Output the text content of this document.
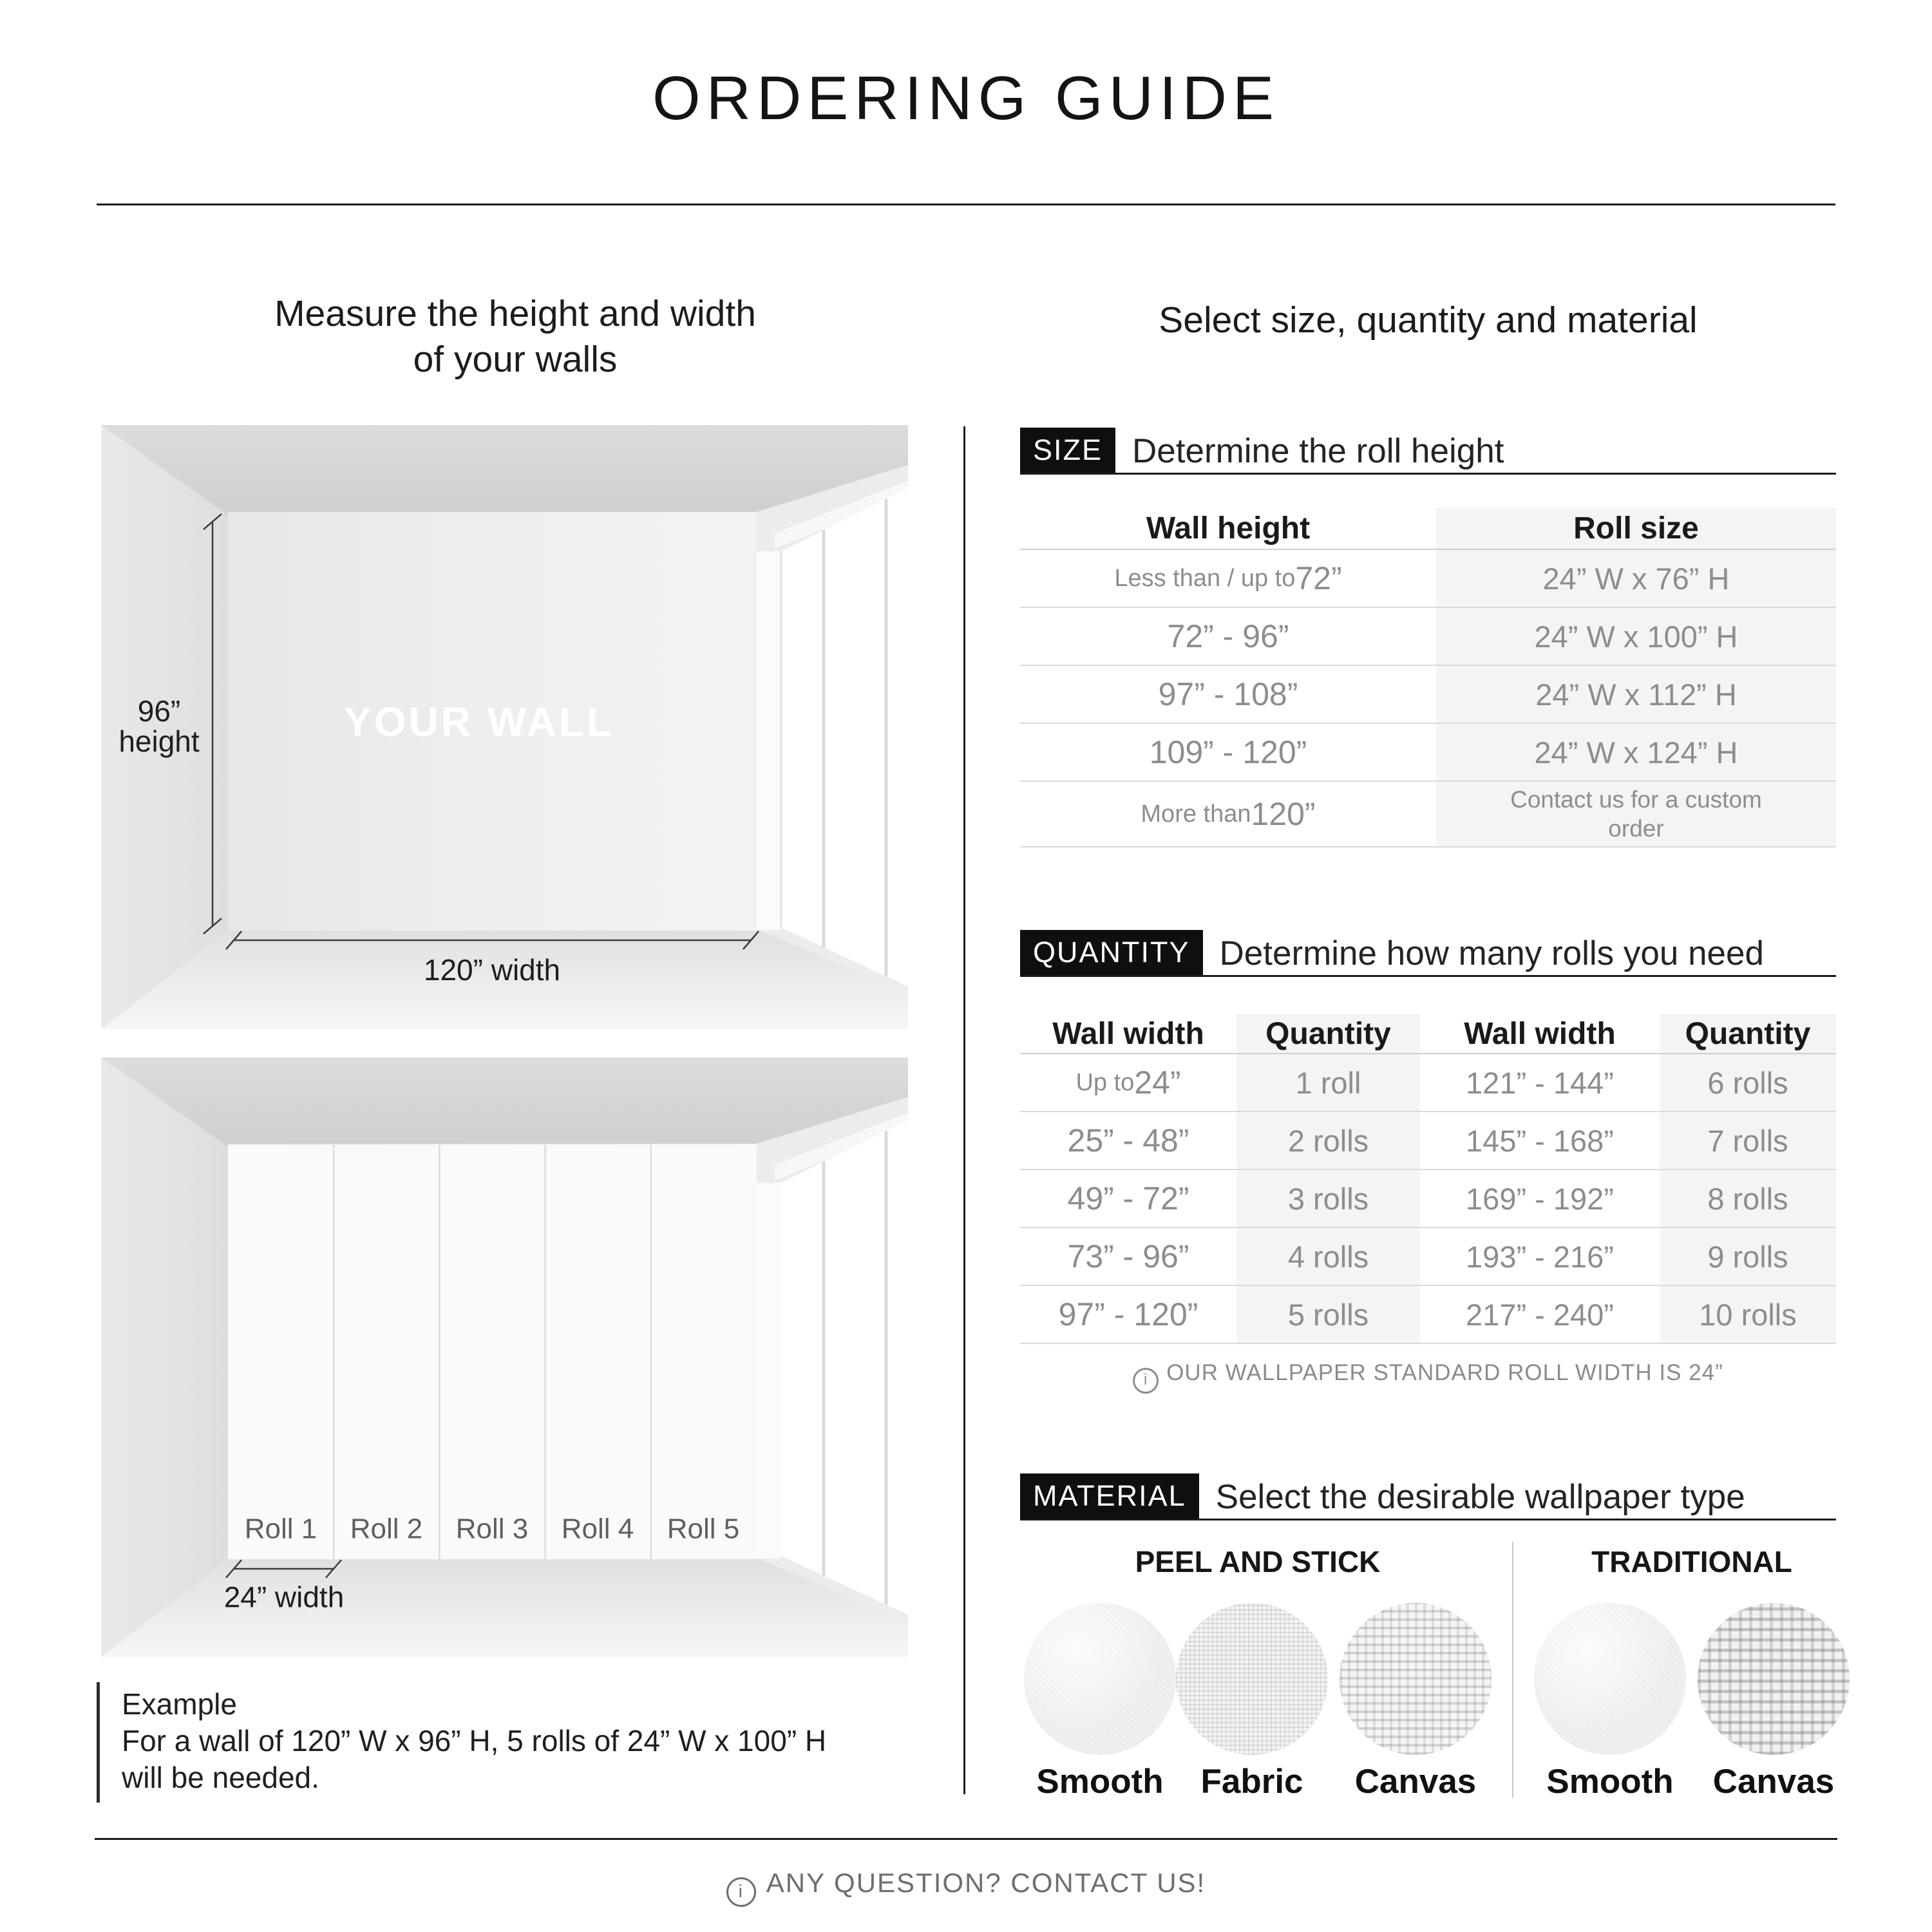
ORDERING GUIDE
Measure the height and width
of your walls
Select size, quantity and material
96”
height	YOUR WALL
120” width
Roll 1 Roll 2 Roll 3 Roll 4 Roll 5
24” width
Example
For a wall of 120” W x 96” H, 5 rolls of 24” W x 100” H
will be needed.
SIZE Determine the roll height
Wall height	Roll size
Less than / up to 72”	24” W x 76” H
72” - 96”	24” W x 100” H
97” - 108”	24” W x 112” H
109” - 120”	24” W x 124” H
More than 120”	Contact us for a custom order
QUANTITY Determine how many rolls you need
Wall width	Quantity	Wall width	Quantity
Up to 24”	1 roll	121” - 144”	6 rolls
25” - 48”	2 rolls	145” - 168”	7 rolls
49” - 72”	3 rolls	169” - 192”	8 rolls
73” - 96”	4 rolls	193” - 216”	9 rolls
97” - 120”	5 rolls	217” - 240”	10 rolls
i OUR WALLPAPER STANDARD ROLL WIDTH IS 24”
MATERIAL Select the desirable wallpaper type
PEEL AND STICK	TRADITIONAL
Smooth	Fabric	Canvas	Smooth	Canvas
i ANY QUESTION? CONTACT US!
